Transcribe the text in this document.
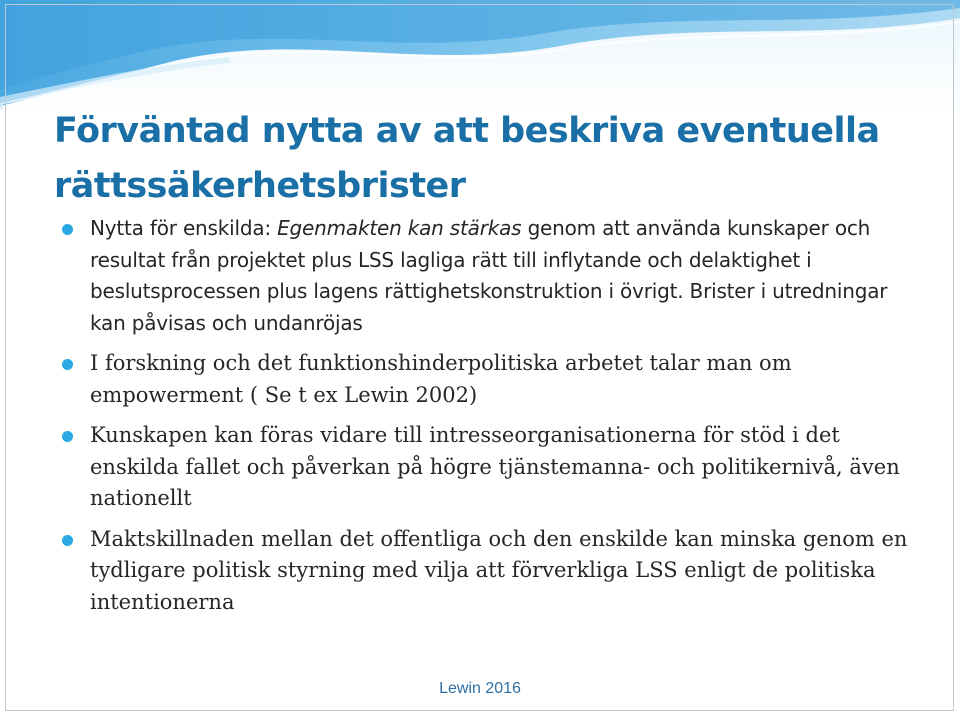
Förväntad nytta av att beskriva eventuella rättssäkerhetsbrister
Nytta för enskilda: Egenmakten kan stärkas genom att använda kunskaper och resultat från projektet plus LSS lagliga rätt till inflytande och delaktighet i beslutsprocessen plus lagens rättighetskonstruktion i övrigt. Brister i utredningar kan påvisas och undanröjas
I forskning och det funktionshinderpolitiska arbetet talar man om empowerment ( Se t ex Lewin 2002)
Kunskapen kan föras vidare till intresseorganisationerna för stöd i det enskilda fallet och påverkan på högre tjänstemanna- och politikernivå, även nationellt
Maktskillnaden mellan det offentliga och den enskilde kan minska genom en tydligare politisk styrning med vilja att förverkliga LSS enligt de politiska intentionerna
Lewin 2016
